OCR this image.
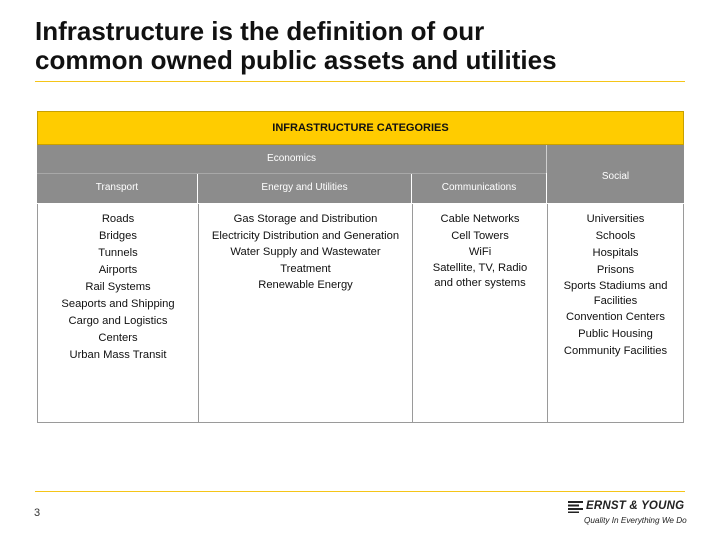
Infrastructure is the definition of our
common owned public assets and utilities
INFRASTRUCTURE CATEGORIES
Economics
Social
Transport	Energy and Utilities	Communications
Roads
Bridges
Tunnels
Airports
Rail Systems
Seaports and Shipping
Cargo and Logistics Centers
Urban Mass Transit
Gas Storage and Distribution
Electricity Distribution and Generation
Water Supply and Wastewater Treatment
Renewable Energy
Cable Networks
Cell Towers
WiFi
Satellite, TV, Radio and other systems
Universities
Schools
Hospitals
Prisons
Sports Stadiums and Facilities
Convention Centers
Public Housing
Community Facilities
3
ERNST & YOUNG
Quality In Everything We Do
